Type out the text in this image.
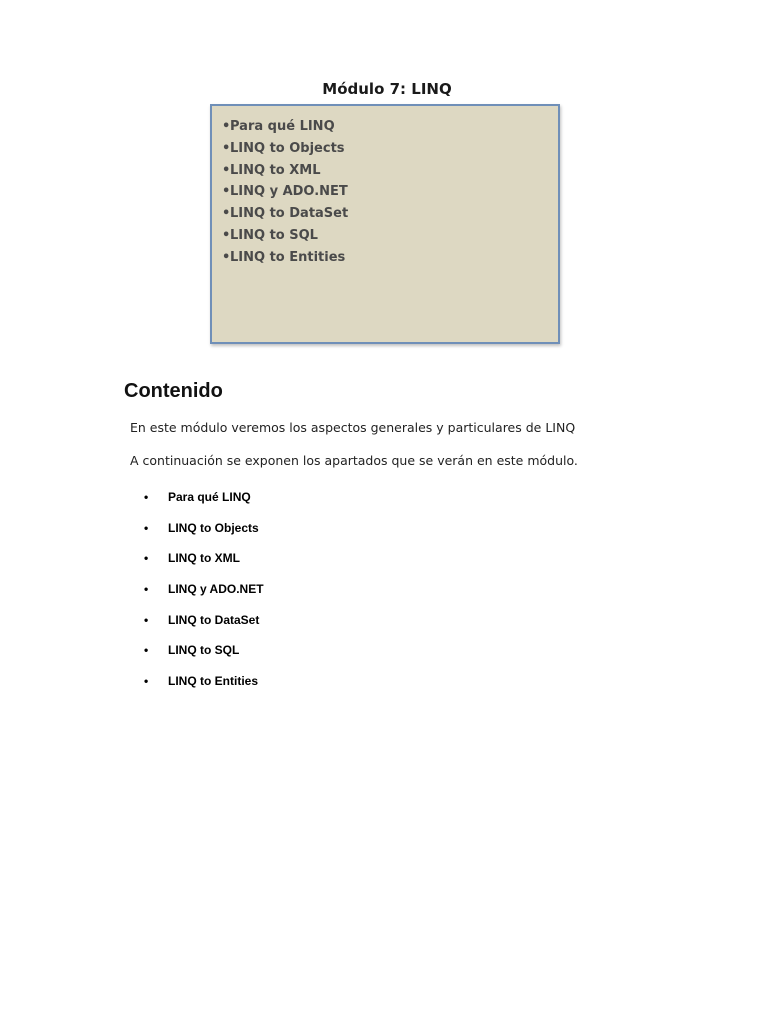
Módulo 7: LINQ
•Para qué LINQ
•LINQ to Objects
•LINQ to XML
•LINQ y ADO.NET
•LINQ to DataSet
•LINQ to SQL
•LINQ to Entities
Contenido

En este módulo veremos los aspectos generales y particulares de LINQ

A continuación se exponen los apartados que se verán en este módulo.

• Para qué LINQ
• LINQ to Objects
• LINQ to XML
• LINQ y ADO.NET
• LINQ to DataSet
• LINQ to SQL
• LINQ to Entities
